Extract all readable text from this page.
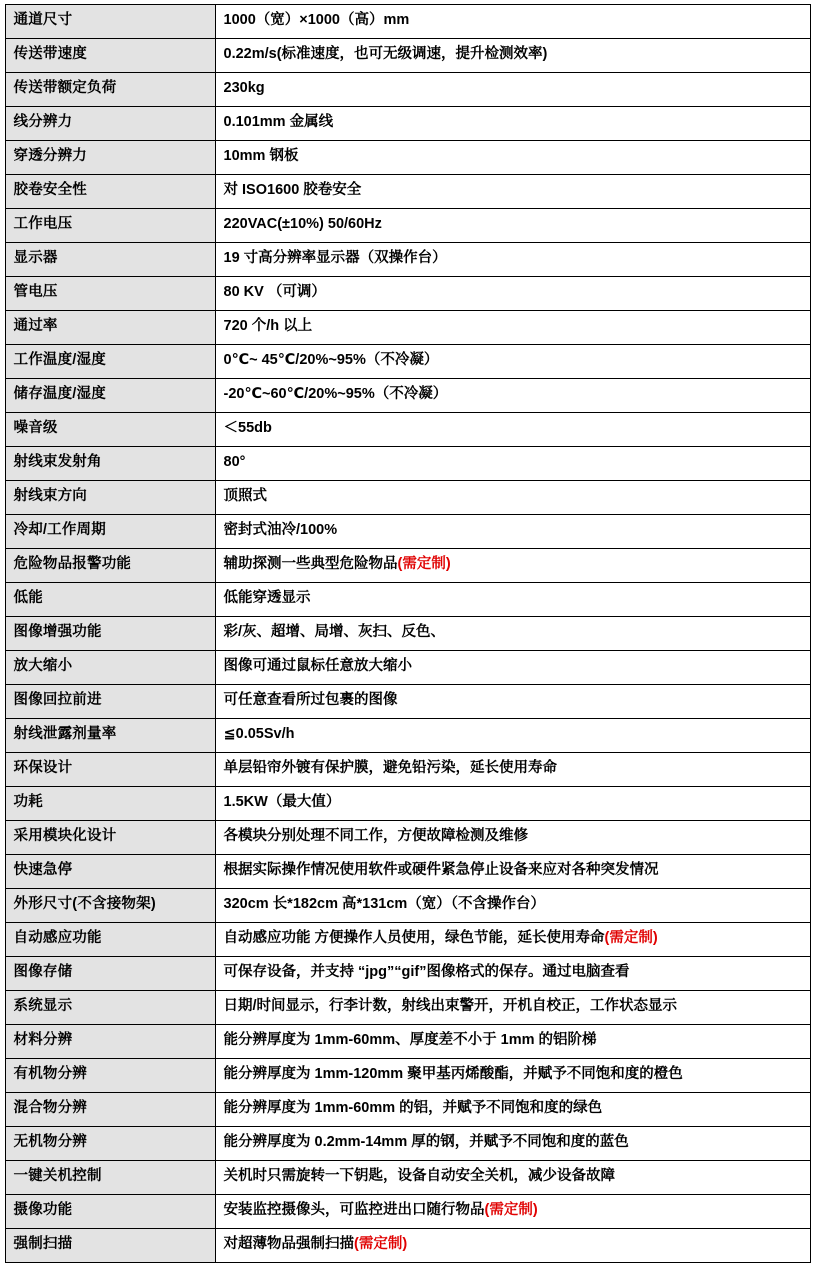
通道尺寸	1000（宽）×1000（高）mm
传送带速度	0.22m/s(标准速度，也可无级调速，提升检测效率)
传送带额定负荷	230kg
线分辨力	0.101mm 金属线
穿透分辨力	10mm 钢板
胶卷安全性	对 ISO1600 胶卷安全
工作电压	220VAC(±10%) 50/60Hz
显示器	19 寸高分辨率显示器（双操作台）
管电压	80 KV （可调）
通过率	720 个/h 以上
工作温度/湿度	0℃~ 45℃/20%~95%（不冷凝）
储存温度/湿度	-20℃~60℃/20%~95%（不冷凝）
噪音级	＜55db
射线束发射角	80°
射线束方向	顶照式
冷却/工作周期	密封式油冷/100%
危险物品报警功能	辅助探测一些典型危险物品(需定制)
低能	低能穿透显示
图像增强功能	彩/灰、超增、局增、灰扫、反色、
放大缩小	图像可通过鼠标任意放大缩小
图像回拉前进	可任意查看所过包裹的图像
射线泄露剂量率	≦0.05Sv/h
环保设计	单层铅帘外镀有保护膜，避免铅污染，延长使用寿命
功耗	1.5KW（最大值）
采用模块化设计	各模块分别处理不同工作，方便故障检测及维修
快速急停	根据实际操作情况使用软件或硬件紧急停止设备来应对各种突发情况
外形尺寸(不含接物架)	320cm 长*182cm 高*131cm（宽）（不含操作台）
自动感应功能	自动感应功能 方便操作人员使用，绿色节能，延长使用寿命(需定制)
图像存储	可保存设备，并支持 “jpg”“gif”图像格式的保存。通过电脑查看
系统显示	日期/时间显示，行李计数，射线出束警开，开机自校正，工作状态显示
材料分辨	能分辨厚度为 1mm-60mm、厚度差不小于 1mm 的铝阶梯
有机物分辨	能分辨厚度为 1mm-120mm 聚甲基丙烯酸酯，并赋予不同饱和度的橙色
混合物分辨	能分辨厚度为 1mm-60mm 的铝，并赋予不同饱和度的绿色
无机物分辨	能分辨厚度为 0.2mm-14mm 厚的钢，并赋予不同饱和度的蓝色
一键关机控制	关机时只需旋转一下钥匙，设备自动安全关机，减少设备故障
摄像功能	安装监控摄像头，可监控进出口随行物品(需定制)
强制扫描	对超薄物品强制扫描(需定制)
